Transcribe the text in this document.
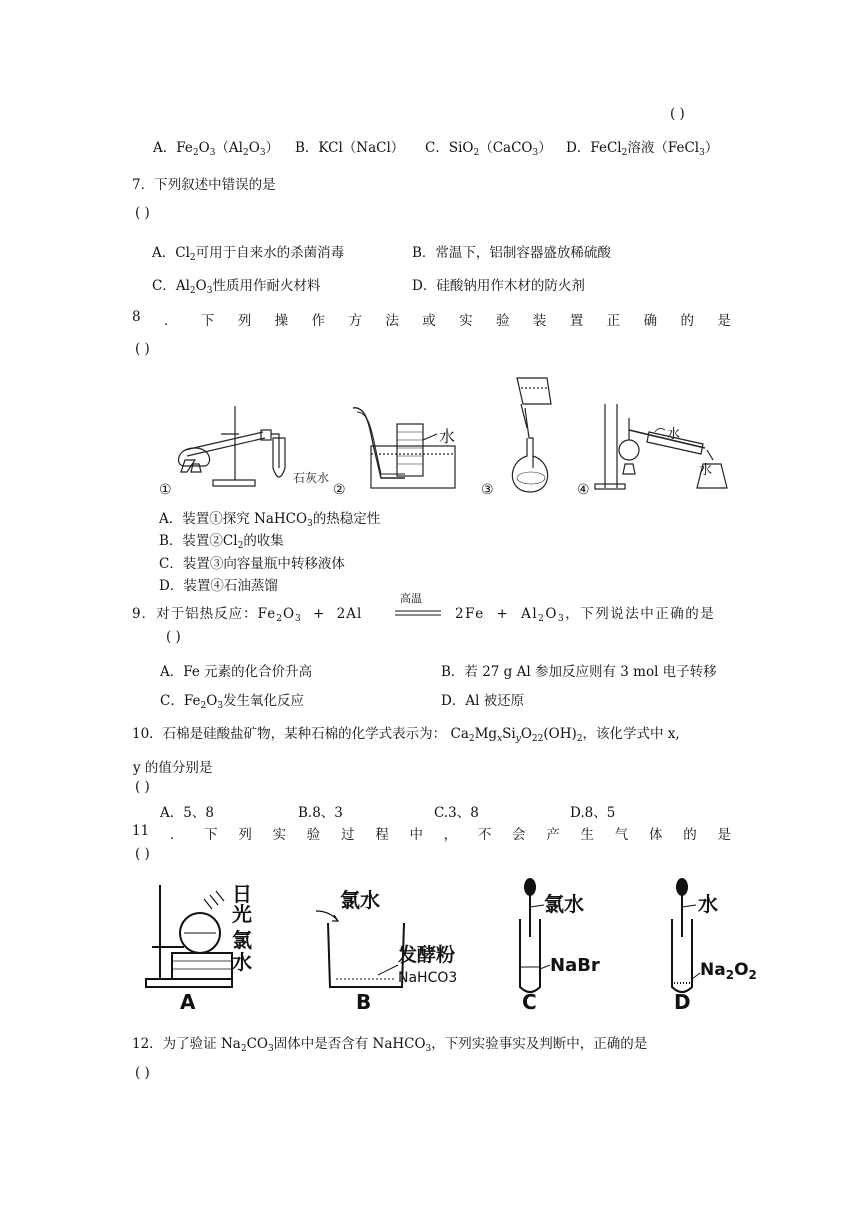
( )
A．$Fe_2O_3(Al_2O_3)$ B．KCl（NaCl） C．SiO$_2$（CaCO$_3$） D．FeCl$_2$溶液（FeCl$_3$）
7．下列叙述中错误的是
( )
A．$Cl_2$可用于自来水的杀菌消毒	B．常温下，铝制容器盛放稀硫酸
C．$Al_2O_3$性质用作耐火材料	D．硅酸钠用作木材的防火剂
8 ． 下 列 操 作 方 法 或 实 验 装 置 正 确 的 是
( )
石灰水
①	②
水
③	④
水
水
A．装置①探究 NaHCO$_3$的热稳定性
B．装置$②Cl_2$的收集
C．装置③向容量瓶中转移液体
D．装置④石油蒸馏
9．对于铝热反应：$Fe_2O_3 + 2Al$
高温
$2Fe + Al_2O_3$，下列说法中正确的是
( )
A．Fe 元素的化合价升高	B．若 27 g Al 参加反应则有 3 mol 电子转移
C．$Fe_2O_3$发生氧化反应	D．Al 被还原
10．石棉是硅酸盐矿物，某种石棉的化学式表示为： $Ca_2Mg_xSi_yO_{22}(OH)_2$，该化学式中 x,
y 的值分别是
( )
A．5、8	B.8、3	C.3、8	D.8、5
11 ． 下 列 实 验 过 程 中 ， 不 会 产 生 气 体 的 是
( )
日
光
氯
水
A
氯水
发酵粉
NaHCO3
B
氯水
NaBr
C
水
$Na_2O_2$
D
12．为了验证 $Na_2CO_3$固体中是否含有 NaHCO$_3$，下列实验事实及判断中，正确的是
( )
